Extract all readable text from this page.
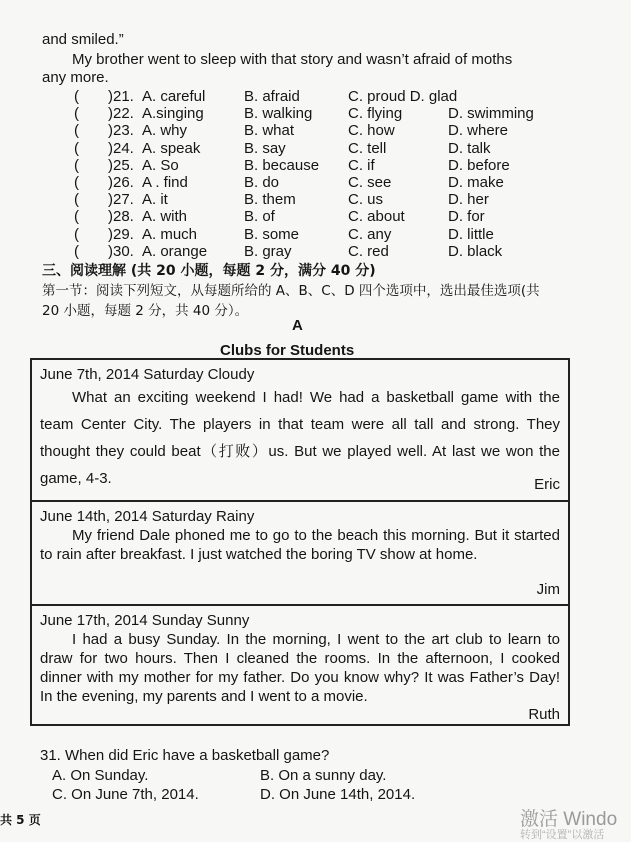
and smiled.”
My brother went to sleep with that story and wasn’t afraid of moths
any more.
( )21. A. careful	B. afraid	C. proud D. glad
( )22. A.singing	B. walking C. flying	D. swimming
( )23. A. why	B. what	C. how	D. where
( )24. A. speak	B. say	C. tell	D. talk
( )25. A. So	B. because C. if	D. before
( )26. A . find	B. do	C. see	D. make
( )27. A. it	B. them	C. us	D. her
( )28. A. with	B. of	C. about	D. for
( )29. A. much	B. some	C. any	D. little
( )30. A. orange B. gray	C. red	D. black
三、阅读理解 (共 20 小题，每题 2 分，满分 40 分)
第一节：阅读下列短文，从每题所给的 A、B、C、D 四个选项中，选出最佳选项(共
20 小题，每题 2 分，共 40 分）。
A
Clubs for Students
June 7th, 2014 Saturday Cloudy
What an exciting weekend I had! We had a basketball game with the team Center City. The players in that team were all tall and strong. They thought they could beat（打败）us. But we played well. At last we won the game, 4-3.	Eric
June 14th, 2014 Saturday Rainy
My friend Dale phoned me to go to the beach this morning. But it started to rain after breakfast. I just watched the boring TV show at home.
Jim
June 17th, 2014 Sunday Sunny
I had a busy Sunday. In the morning, I went to the art club to learn to draw for two hours. Then I cleaned the rooms. In the afternoon, I cooked dinner with my mother for my father. Do you know why? It was Father’s Day! In the evening, my parents and I went to a movie.
Ruth
31. When did Eric have a basketball game?
A. On Sunday.	B. On a sunny day.
C. On June 7th, 2014.	D. On June 14th, 2014.
共 5 页	激活 Windo
转到“设置”以激活
